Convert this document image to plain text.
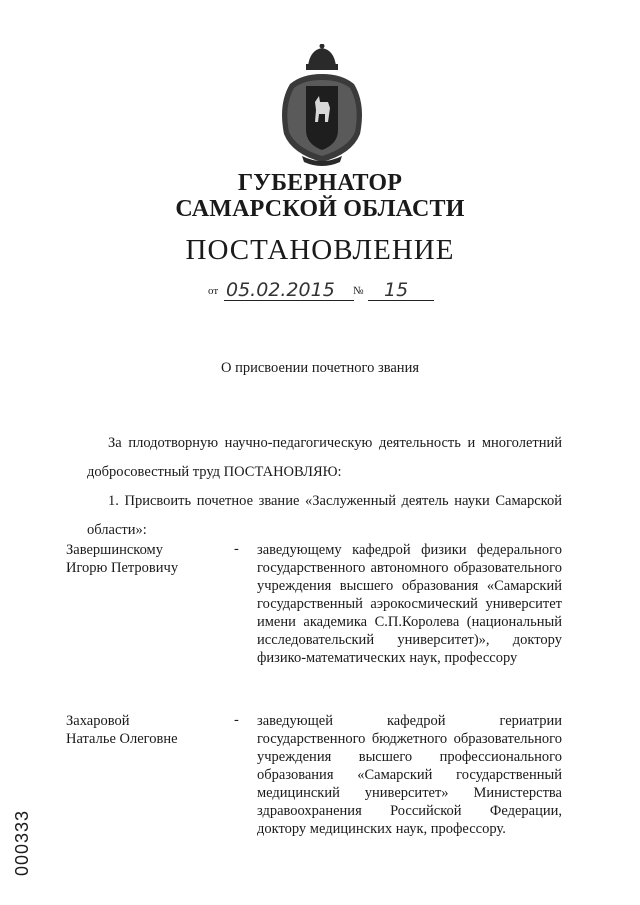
ГУБЕРНАТОР
САМАРСКОЙ ОБЛАСТИ
ПОСТАНОВЛЕНИЕ
от 05.02.2015	№	15
О присвоении почетного звания
За плодотворную научно-педагогическую деятельность и многолетний добросовестный труд ПОСТАНОВЛЯЮ:
1. Присвоить почетное звание «Заслуженный деятель науки Самарской области»:
Завершинскому
Игорю Петровичу
- заведующему кафедрой физики федерального государственного автономного образовательного учреждения высшего образования «Самарский государственный аэрокосмический университет имени академика С.П.Королева (национальный исследовательский университет)», доктору физико-математических наук, профессору
Захаровой
Наталье Олеговне
- заведующей кафедрой гериатрии государственного бюджетного образовательного учреждения высшего профессионального образования «Самарский государственный медицинский университет» Министерства здравоохранения Российской Федерации, доктору медицинских наук, профессору.
000333
